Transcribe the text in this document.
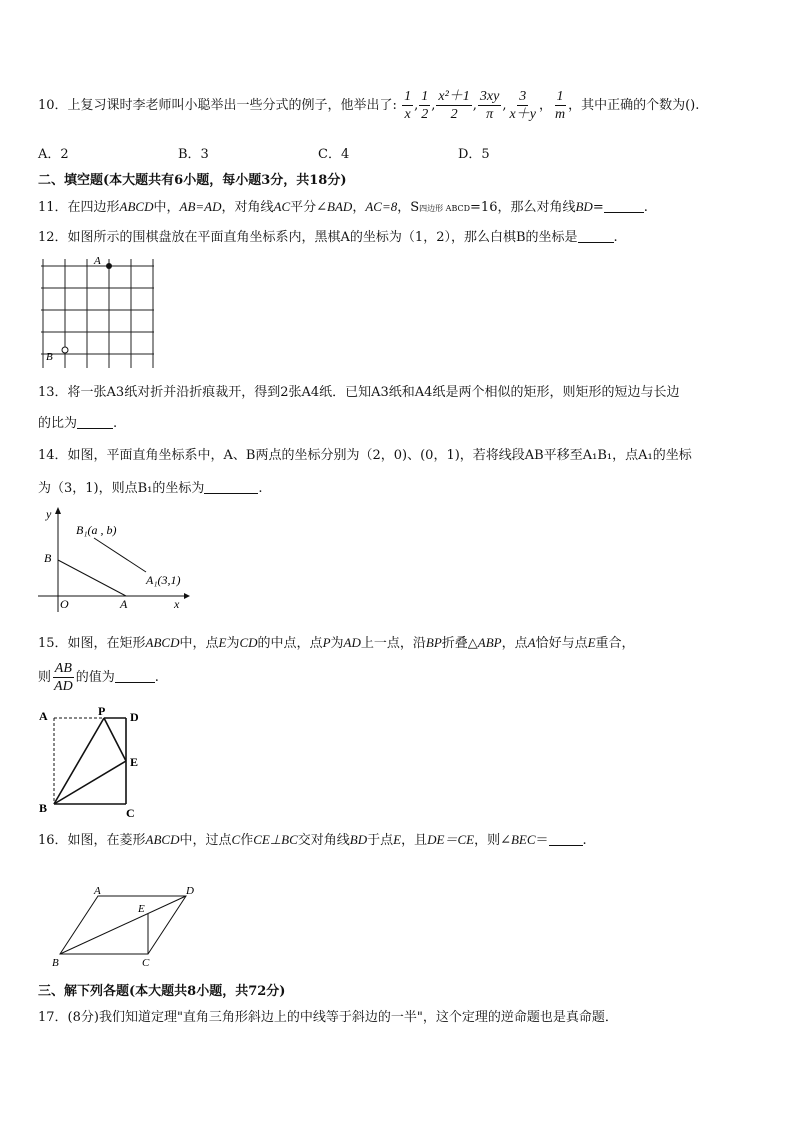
10．上复习课时李老师叫小聪举出一些分式的例子，他举出了: $\frac{1}{x}$ , $\frac{1}{2}$ , $\frac{\text{x²＋1}}{2}$ , $\frac{3xy}{\pi}$ , $\frac{3}{x+y}$ ， $\frac{1}{m}$ ，其中正确的个数为().
A．2	B．3	C．4	D．5
二、填空题(本大题共有6小题，每小题3分，共18分)
11．在四边形ABCD中，AB=AD，对角线AC平分∠BAD，AC=8，S四边形 ABCD=16，那么对角线BD=	.
12．如图所示的围棋盘放在平面直角坐标系内，黑棋A的坐标为（1，2），那么白棋B的坐标是	.
A
B
13．将一张A3纸对折并沿折痕裁开，得到2张A4纸．已知A3纸和A4纸是两个相似的矩形，则矩形的短边与长边
的比为	.
14．如图，平面直角坐标系中，A、B两点的坐标分别为（2，0)、(0，1)，若将线段AB平移至A₁B₁，点A₁的坐标
为（3，1)，则点B₁的坐标为	.
y
x
O	A
B
B₁(a , b)
A₁(3,1)
15．如图，在矩形ABCD中，点E为CD的中点，点P为AD上一点，沿BP折叠△ABP，点A恰好与点E重合，
则 $\frac{AB}{AD}$ 的值为	.
A	P D
E
B	C
16．如图，在菱形ABCD中，过点C作CE⊥BC交对角线BD于点E，且DE＝CE，则∠BEC＝	.
A	D
E
B	C
三、解下列各题(本大题共8小题，共72分)
17．(8分)我们知道定理"直角三角形斜边上的中线等于斜边的一半"，这个定理的逆命题也是真命题．
